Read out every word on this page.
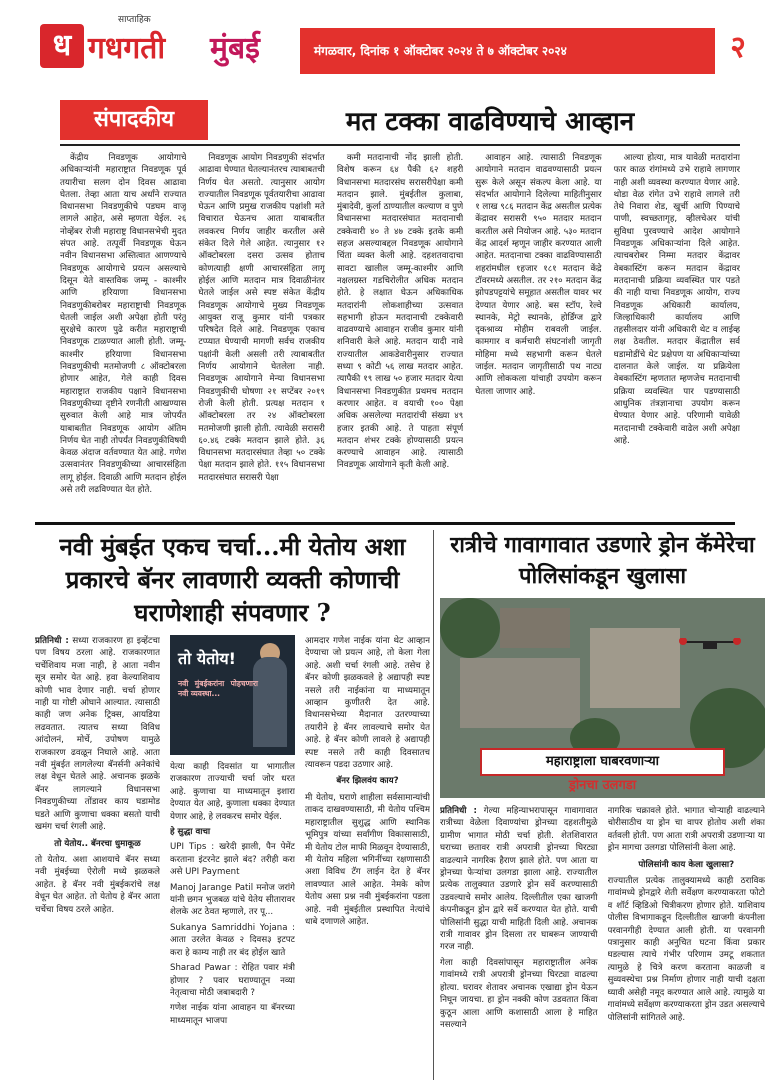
साप्ताहिक
ध गधगती मुंबई	मंगळवार, दिनांक १ ऑक्टोबर २०२४ ते ७ ऑक्टोबर २०२४	२
संपादकीय	मत टक्का वाढविण्याचे आव्हान

केंद्रीय निवडणूक आयोगाचे अधिकाऱ्यांनी महाराष्ट्रात निवडणूक पूर्व तयारीचा सलग दोन दिवस आढावा घेतला. तेव्हा आता याच अर्धांने राज्यात विधानसभा निवडणुकीचे पडघम वाजू लागले आहेत, असे म्हणता येईल. २६ नोव्हेंबर रोजी महाराष्ट्र विधानसभेची मुदत संपत आहे. तत्पूर्वी निवडणूक घेऊन नवीन विधानसभा अस्तित्वात आणण्याचे निवडणूक आयोगाचे प्रयत्न असल्याचे दिसून येते वास्तविक जम्मू - काश्मीर आणि हरियाणा विधानसभा निवडणुकीबरोबर महाराष्ट्राची निवडणूक घेतली जाईल अशी अपेक्षा होती परंतु सुरक्षेचे कारण पुढे करीत महाराष्ट्राची निवडणूक टाळण्यात आली होती. जम्मू-काश्मीर हरियाणा विधानसभा निवडणुकीची मतमोजणी ८ ऑक्टोबरला होणार आहेत, गेले काही दिवस महाराष्ट्रात राजकीय पक्षाने विधानसभा निवडणुकीच्या दृष्टीने रणनीती आखण्यास सुरुवात केली आहे मात्र जोपर्यंत याबाबतीत निवडणूक आयोग अंतिम निर्णय घेत नाही तोपर्यंत निवडणुकीविषयी केवळ अंदाज वर्तवण्यात येत आहे. गणेश उत्सवानंतर निवडणुकीच्या आचारसंहिता लागू होईल. दिवाळी आणि मतदान होईल असे तरी लढविण्यात येत होते.

निवडणूक आयोग निवडणुकी संदर्भात आढावा घेण्यात घेतल्यानंतरच त्याबाबतची निर्णय घेत असतो. त्यानुसार आयोग राज्यातील निवडणूक पूर्वतयारीचा आढावा घेऊन आणि प्रमुख राजकीय पक्षांशी मते विचारात घेऊनच आता याबाबतीत लवकरच निर्णय जाहीर करतील असे संकेत दिले गेले आहेत. त्यानुसार १२ ऑक्टोबरला दसरा उत्सव होताच कोणत्याही क्षणी आचारसंहिता लागू होईल आणि मतदान मात्र दिवाळीनंतर घेतले जाईल असे स्पष्ट संकेत केंद्रीय निवडणूक आयोगाचे मुख्य निवडणूक आयुक्त राजू कुमार यांनी पत्रकार परिषदेत दिले आहे. निवडणूक एकाच टप्प्यात घेण्याची मागणी सर्वच राजकीय पक्षांनी केली असली तरी त्याबाबतीत निर्णय आयोगाने घेतलेला नाही. निवडणूक आयोगाने मेन्या विधानसभा निवडणुकीची घोषणा २१ सप्टेंबर २०१९ रोजी केली होती. प्रत्यक्ष मतदान १ ऑक्टोबरला तर २४ ऑक्टोबरला मतमोजणी झाली होती. त्यावेळी सरासरी ६०.४६ टक्के मतदान झाले होते. ३६ विधानसभा मतदारसंघात तेव्हा ५० टक्के पेक्षा मतदान झाले होते. ११५ विधानसभा मतदारसंघात सरासरी पेक्षा

कमी मतदानाची नोंद झाली होती. विशेष करून ६४ पैकी ६२ शहरी विधानसभा मतदारसंघ सरासरीपेक्षा कमी मतदान झाले. मुंबईतील कुलाबा, मुंबादेवी, कुर्ला ठाण्यातील कल्याण व पुणे विधानसभा मतदारसंघात मतदानाची टक्केवारी ४० ते ४७ टक्के इतके कमी सहज असल्याबद्दल निवडणूक आयोगाने चिंता व्यक्त केली आहे. दहशतवादाचा सावटा खालील जम्मू-काश्मीर आणि नक्षलग्रस्त गडचिरोलीत अधिक मतदान होते. हे लक्षात घेऊन अधिकाधिक मतदारांनी लोकशाहीच्या उत्सवात सहभागी होऊन मतदानाची टक्केवारी वाढवण्याचे आवाहन राजीव कुमार यांनी शनिवारी केले आहे. मतदान यादी नावे राज्यातील आकडेवारीनुसार राज्यात सध्या ९ कोटी ५६ लाख मतदार आहेत. त्यापैकी १९ लाख ५० हजार मतदार येत्या विधानसभा निवडणुकीत प्रथमच मतदान करणार आहेत. व वयाची १०० पेक्षा अधिक असलेल्या मतदारांची संख्या ४९ हजार इतकी आहे. ते पाहता संपूर्ण मतदान शंभर टक्के होण्यासाठी प्रयत्न करण्याचे आवाहन आहे. त्यासाठी निवडणूक आयोगाने कृती केली आहे.

आवाहन आहे. त्यासाठी निवडणूक आयोगाने मतदान वाढवण्यासाठी प्रयत्न सुरू केले असून संकल्प केला आहे. या संदर्भात आयोगाने दिलेल्या माहितीनुसार १ लाख ९८६ मतदान केंद्र असतील प्रत्येक केंद्रावर सरासरी ९५० मतदार मतदान करतील असे नियोजन आहे. ५३० मतदान केंद्र आदर्श म्हणून जाहीर करण्यात आली आहेत. मतदानाचा टक्का वाढविण्यासाठी शहरांमधील १हजार १८१ मतदान केंद्रे टॉवरमध्ये असतील. तर २१० मतदान केंद्र झोपडपट्टयांचे समूहात असतील यावर भर देण्यात येणार आहे. बस स्टॉप, रेल्वे स्थानके, मेट्रो स्थानके, होर्डिंग्ज द्वारे दृकश्राव्य मोहीम राबवली जाईल. कामगार व कर्मचारी संघटनांशी जागृती मोहिमा मध्ये सहभागी करून घेतले जाईल. मतदान जागृतीसाठी पथ नाट्य आणि लोककला यांचाही उपयोग करून घेतला जाणार आहे.

आल्या होत्या, मात्र यावेळी मतदारांना फार काळ रांगांमध्ये उभे राहावे लागणार नाही अशी व्यवस्था करण्यात येणार आहे. थोडा वेळ रांगेत उभे राहावे लागले तरी तेथे निवारा शेड, खुर्ची आणि पिण्याचे पाणी, स्वच्छतागृह, व्हीलचेअर यांची सुविधा पुरवण्याचे आदेश आयोगाने निवडणूक अधिकाऱ्यांना दिले आहेत. त्याचबरोबर निम्मा मतदार केंद्रावर वेबकास्टिंग करून मतदान केंद्रावर मतदानाची प्रक्रिया व्यवस्थित पार पडते की नाही याचा निवडणूक आयोग, राज्य निवडणूक अधिकारी कार्यालय, जिल्हाधिकारी कार्यालय आणि तहसीलदार यांनी अधिकारी थेट व लाईव्ह लक्ष ठेवतील. मतदार केंद्रातील सर्व घडामोडींचे थेट प्रक्षेपण या अधिकाऱ्यांच्या दालनात केले जाईल. या प्रक्रियेला वेबकास्टिंग म्हणतात म्हणजेच मतदानाची प्रक्रिया व्यवस्थित पार पडण्यासाठी आधुनिक तंत्रज्ञानाचा उपयोग करून घेण्यात येणार आहे. परिणामी यावेळी मतदानाची टक्केवारी वाढेल अशी अपेक्षा आहे.

नवी मुंबईत एकच चर्चा...मी येतोय अशा प्रकारचे बॅनर लावणारी व्यक्ती कोणाची घराणेशाही संपवणार ?

प्रतिनिधी : सध्या राजकारण हा इव्हेंटचा पण विषय ठरला आहे. राजकारणात चर्चेशिवाय मजा नाही, हे आता नवीन सूत्र समोर येत आहे. हवा केल्याशिवाय कोणी भाव देणार नाही. चर्चा होणार नाही या गोष्टी ओघाने आल्यात. त्यासाठी काही जण अनेक ट्रिक्स, आयडिया लढवतात. त्यातच सध्या विविध आंदोलनं, मोर्चे, उपोषण यामुळे राजकारण ढवळून निघाले आहे. आता नवी मुंबईत लागलेल्या बॅनर्सनी अनेकांचे लक्ष वेधून घेतले आहे. अचानक झळके बॅनर लागल्याने विधानसभा निवडणुकीच्या तोंडावर काय घडामोड घडते आणि कुणाचा धक्का बसतो याची खमंग चर्चा रंगली आहे.

तो येतोय.. बॅनरचा धुमाकूळ

तो येतोय. अशा आशयाचे बॅनर सध्या नवी मुंबईच्या ऐरोली मध्ये झळकले आहेत. हे बॅनर नवी मुंबईकरांचे लक्ष वेधून घेत आहेत. तो येतोय हे बॅनर आता चर्चेचा विषय ठरले आहेत.

तो येतोय!
नवी मुंबईकरांना पोहचणारा नवी व्यवस्था...

येत्या काही दिवसांत या भागातील राजकारण ताज्याची चर्चा जोर धरत आहे. कुणाचा या माध्यमातून इशारा देण्यात येत आहे, कुणाला धक्का देण्यात येणार आहे, हे लवकरच समोर येईल.

हे सुद्धा वाचा

UPI Tips : खरेदी झाली, पैन पेमेंट करताना इंटरनेट झाले बंद? तरीही करा असे UPI Payment

Manoj Jarange Patil मनोज जरांगे यांनी छगन भुजबळ यांचे येतेय सीतारावर शेलके अट ठेवत म्हणाले, तर पू...

Sukanya Samriddhi Yojana : आता उरलेत केवळ २ दिवस३ इटपट करा हे काम्य नाही तर बंद होईल खाते

Sharad Pawar : रोहित पवार मंत्री होणार ? पवार घराण्यातून नव्या नेतृत्वाचा मोठी जबाबदारी ?

गणेश नाईक यांना आवाहन या बॅनरच्या माध्यमातून भाजपा

आमदार गणेश नाईक यांना थेट आव्हान देण्याचा जो प्रयत्न आहे, तो केला गेला आहे. अशी चर्चा रंगली आहे. तसेच हे बॅनर कोणी झळकवले हे अद्यापही स्पष्ट नसले तरी नाईकांना या माध्यमातून आव्हान कुणीतरी देत आहे. विधानसभेच्या मैदानात उतरण्याच्या तयारीने हे बॅनर लावल्याचे समोर येत आहे. हे बॅनर कोणी लावले हे अद्यापही स्पष्ट नसले तरी काही दिवसातच त्यावरून पडदा उठणार आहे.

बॅनर झिलवंय काय?

मी येतोय, घराणे शाहीला सर्वसामान्यांची ताकद दाखवण्यासाठी, मी येतोय पश्चिम महाराष्ट्रातील सुशुद्ध आणि स्थानिक भूमिपुत्र यांच्या सर्वांगीण विकासासाठी, मी येतोय टोल माफी मिळवून देण्यासाठी, मी येतोय महिला भगिनींच्या रक्षणासाठी अशा विविध टॅग लाईन देत हे बॅनर लावण्यात आले आहेत. नेमके कोण येतोय असा प्रश्न नवी मुंबईकरांना पडला आहे. नवी मुंबईतील प्रस्थापित नेत्यांचे धाबे दणाणले आहेत.

रात्रीचे गावागावात उडणारे ड्रोन कॅमेरेचा पोलिसांकडून खुलासा
महाराष्ट्राला घाबरवणाऱ्या
ड्रोनचा उलगडा

प्रतिनिधी : गेल्या महिन्याभरापासून गावागावात रात्रीच्या वेळेला दिवाण्यांचा ड्रोनच्या दहशतीमुळे ग्रामीण भागात मोठी चर्चा होती. शेतशिवारात घराच्या छतावर रात्री अपरात्री ड्रोनच्या घिरट्या वाढल्याने नागरिक हैराण झाले होते. पण आता या ड्रोनच्या फेऱ्यांचा उलगडा झाला आहे. राज्यातील प्रत्येक तालुक्यात उडणारे ड्रोन सर्वे करण्यासाठी उडवल्याचे समोर आलेय. दिल्लीतील एका खाजगी कंपनीकडून ड्रोन द्वारे सर्वे करण्यात येत होते. याची पोलिसांनी सुद्धा याची माहिती दिली आहे. अचानक रात्री गावावर ड्रोन दिसला तर घाबरून जाण्याची गरज नाही.

गेला काही दिवसांपासून महाराष्ट्रातील अनेक गावांमध्ये रात्री अपरात्री ड्रोनच्या घिरट्या वाढल्या होत्या. घरावर शेतावर अचानक एखाद्या ड्रोन येऊन निघून जायचा. हा ड्रोन नक्की कोण उडवतात किंवा कुठून आला आणि कशासाठी आला हे माहित नसल्याने

नागरिक चक्रावले होते. भागात चोऱ्याही वाढल्याने चोरीसाठीच या ड्रोन चा वापर होतोय अशी शंका वर्तवली होती. पण आता रात्री अपरात्री उडणाऱ्या या ड्रोन मागचा उलगडा पोलिसांनी केला आहे.

पोलिसांनी काय केला खुलासा?

राज्यातील प्रत्येक तालुक्यामध्ये काही ठराविक गावांमध्ये ड्रोनद्वारे शेती सर्वेक्षण करण्याकरता फोटो व शॉर्ट व्हिडिओ चित्रीकरण होणार होते. याशिवाय पोलीस विभागाकडून दिल्लीतील खाजगी कंपनीला परवानगीही देण्यात आली होती. या परवानगी पत्रानुसार काही अनुचित घटना किंवा प्रकार घडल्यास त्याचे गंभीर परिणाम उमटू शकतात त्यामुळे हे चित्रे करण करताना काळजी व सुव्यवस्थेचा प्रश्न निर्माण होणार नाही याची दक्षता घ्यावी असेही नमूद करण्यात आले आहे. त्यामुळे या गावांमध्ये सर्वेक्षण करण्याकरता ड्रोन उडत असल्याचे पोलिसांनी सांगितले आहे.
